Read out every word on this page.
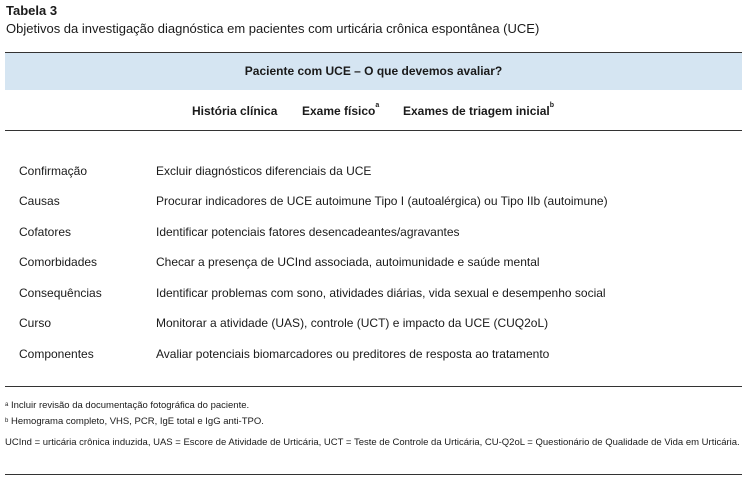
Tabela 3
Objetivos da investigação diagnóstica em pacientes com urticária crônica espontânea (UCE)
Paciente com UCE – O que devemos avaliar?
História clínica Exame físico$^a$ Exames de triagem inicial$^b$
Confirmação	Excluir diagnósticos diferenciais da UCE
Causas	Procurar indicadores de UCE autoimune Tipo I (autoalérgica) ou Tipo IIb (autoimune)
Cofatores	Identificar potenciais fatores desencadeantes/agravantes
Comorbidades	Checar a presença de UCInd associada, autoimunidade e saúde mental
Consequências	Identificar problemas com sono, atividades diárias, vida sexual e desempenho social
Curso	Monitorar a atividade (UAS), controle (UCT) e impacto da UCE (CUQ2oL)
Componentes	Avaliar potenciais biomarcadores ou preditores de resposta ao tratamento
$^a$ Incluir revisão da documentação fotográfica do paciente.
$^b$ Hemograma completo, VHS, PCR, IgE total e IgG anti-TPO.
UCInd = urticária crônica induzida, UAS = Escore de Atividade de Urticária, UCT = Teste de Controle da Urticária, CU-Q2oL = Questionário de Qualidade de Vida em Urticária.
